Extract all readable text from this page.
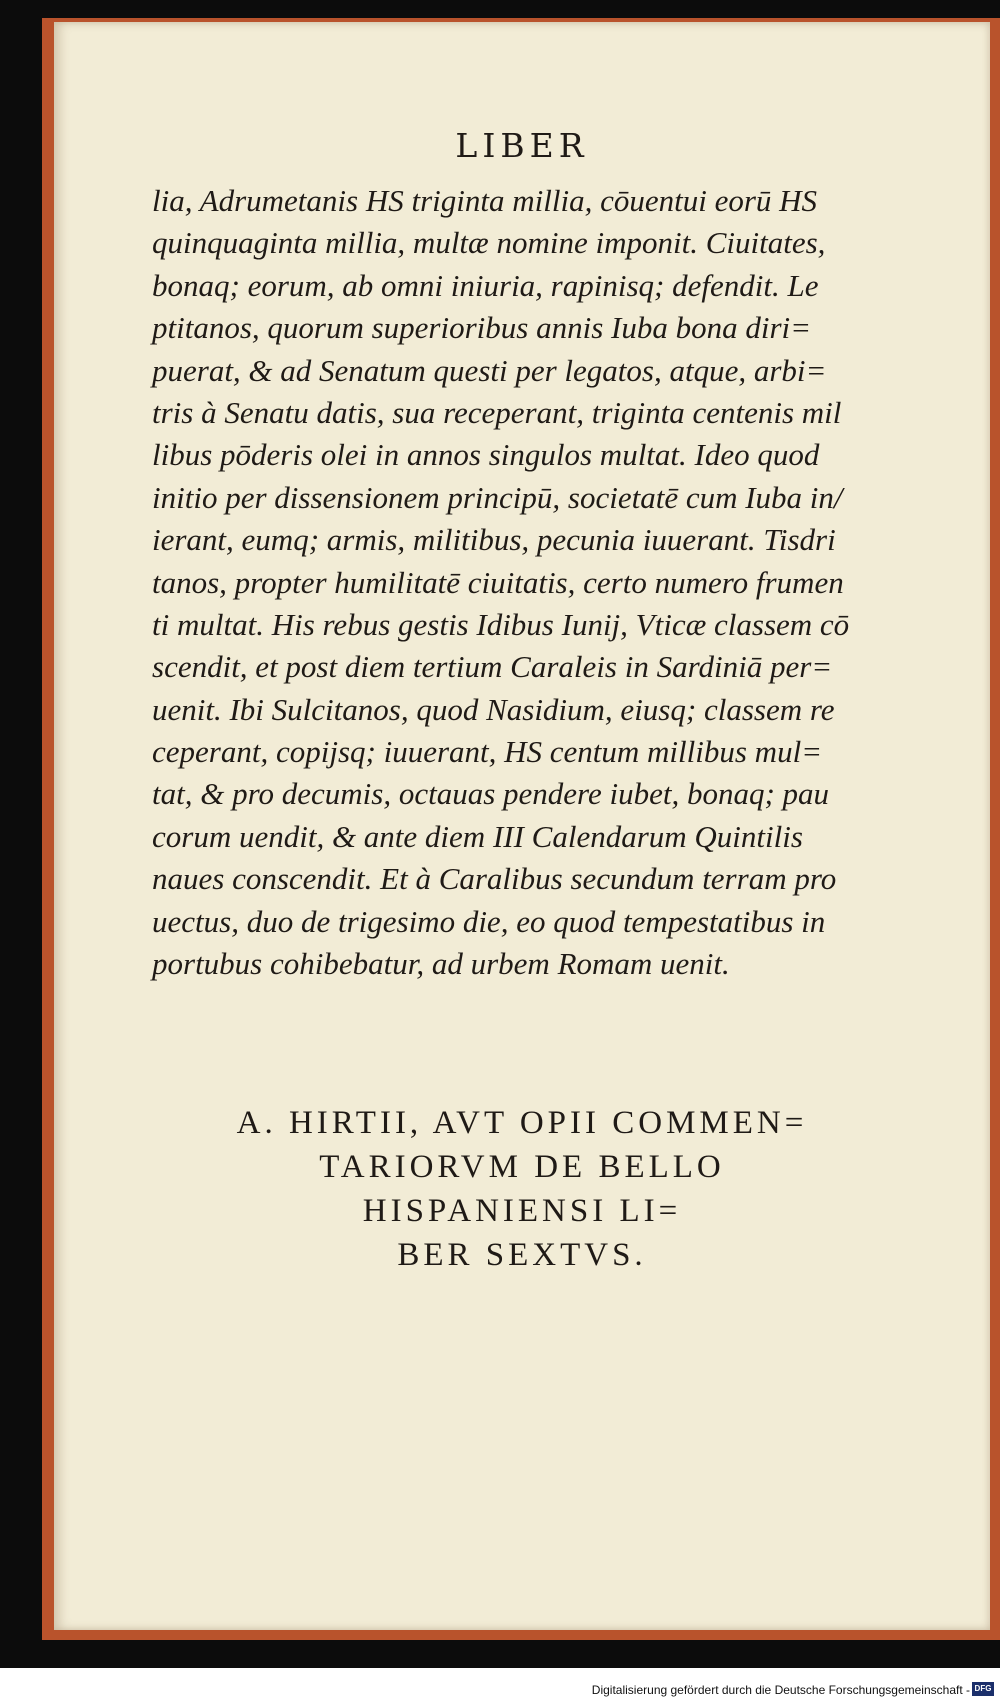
LIBER

lia, Adrumetanis HS triginta millia, cōuentui eorū HS
quinquaginta millia, multæ nomine imponit. Ciuitates,
bonaq; eorum, ab omni iniuria, rapinisq; defendit. Le
ptitanos, quorum superioribus annis Iuba bona diri=
puerat, & ad Senatum questi per legatos, atque, arbi=
tris à Senatu datis, sua receperant, triginta centenis mil
libus pōderis olei in annos singulos multat. Ideo quod
initio per dissensionem principū, societatē cum Iuba in/
ierant, eumq; armis, militibus, pecunia iuuerant. Tisdri
tanos, propter humilitatē ciuitatis, certo numero frumen
ti multat. His rebus gestis Idibus Iunij, Vticæ classem cō
scendit, et post diem tertium Caraleis in Sardiniā per=
uenit. Ibi Sulcitanos, quod Nasidium, eiusq; classem re
ceperant, copijsq; iuuerant, HS centum millibus mul=
tat, & pro decumis, octauas pendere iubet, bonaq; pau
corum uendit, & ante diem III Calendarum Quintilis
naues conscendit. Et à Caralibus secundum terram pro
uectus, duo de trigesimo die, eo quod tempestatibus in
portubus cohibebatur, ad urbem Romam uenit.
A. HIRTII, AVT OPII COMMEN=
TARIORVM DE BELLO
HISPANIENSI LI=
BER SEXTVS.

Digitalisierung gefördert durch die Deutsche Forschungsgemeinschaft - DFG
